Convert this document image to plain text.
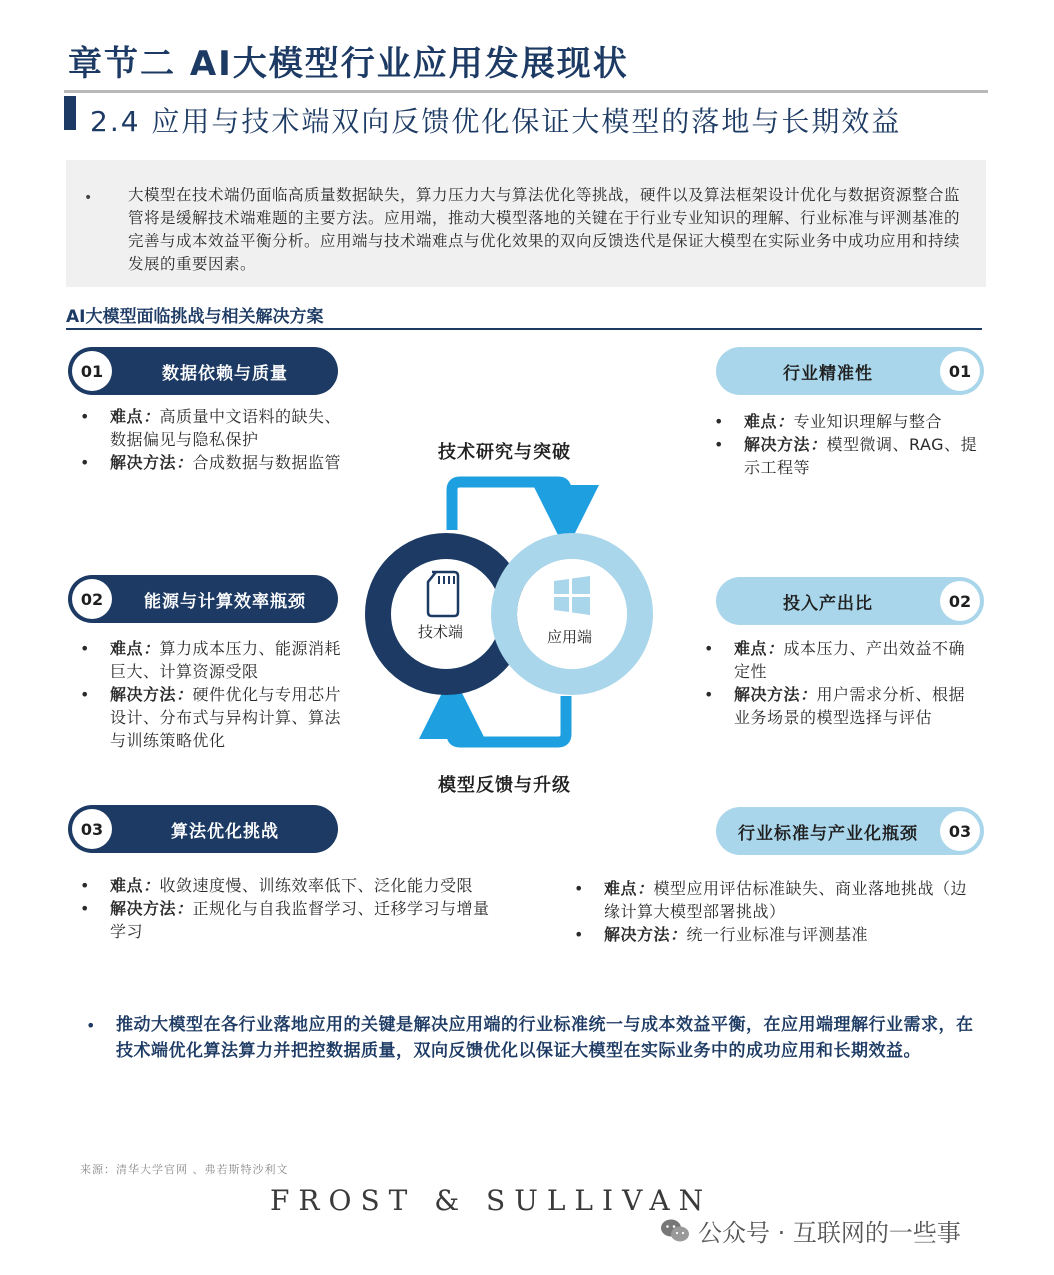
章节二 AI大模型行业应用发展现状
2.4 应用与技术端双向反馈优化保证大模型的落地与长期效益
• 大模型在技术端仍面临高质量数据缺失，算力压力大与算法优化等挑战，硬件以及算法框架设计优化与数据资源整合监管将是缓解技术端难题的主要方法。应用端，推动大模型落地的关键在于行业专业知识的理解、行业标准与评测基准的完善与成本效益平衡分析。应用端与技术端难点与优化效果的双向反馈迭代是保证大模型在实际业务中成功应用和持续发展的重要因素。
AI大模型面临挑战与相关解决方案
01	数据依赖与质量
• 难点：高质量中文语料的缺失、数据偏见与隐私保护
• 解决方法：合成数据与数据监管
02	能源与计算效率瓶颈
• 难点：算力成本压力、能源消耗巨大、计算资源受限
• 解决方法：硬件优化与专用芯片设计、分布式与异构计算、算法与训练策略优化
03	算法优化挑战
• 难点：收敛速度慢、训练效率低下、泛化能力受限
• 解决方法：正规化与自我监督学习、迁移学习与增量学习
行业精准性	01
• 难点：专业知识理解与整合
• 解决方法：模型微调、RAG、提示工程等
投入产出比	02
• 难点：成本压力、产出效益不确定性
• 解决方法：用户需求分析、根据业务场景的模型选择与评估
行业标准与产业化瓶颈	03
• 难点：模型应用评估标准缺失、商业落地挑战（边缘计算大模型部署挑战）
• 解决方法：统一行业标准与评测基准
技术研究与突破
模型反馈与升级
技术端	应用端
• 推动大模型在各行业落地应用的关键是解决应用端的行业标准统一与成本效益平衡，在应用端理解行业需求，在技术端优化算法算力并把控数据质量，双向反馈优化以保证大模型在实际业务中的成功应用和长期效益。
来源：清华大学官网 、弗若斯特沙利文
FROST & SULLIVAN
公众号 · 互联网的一些事
